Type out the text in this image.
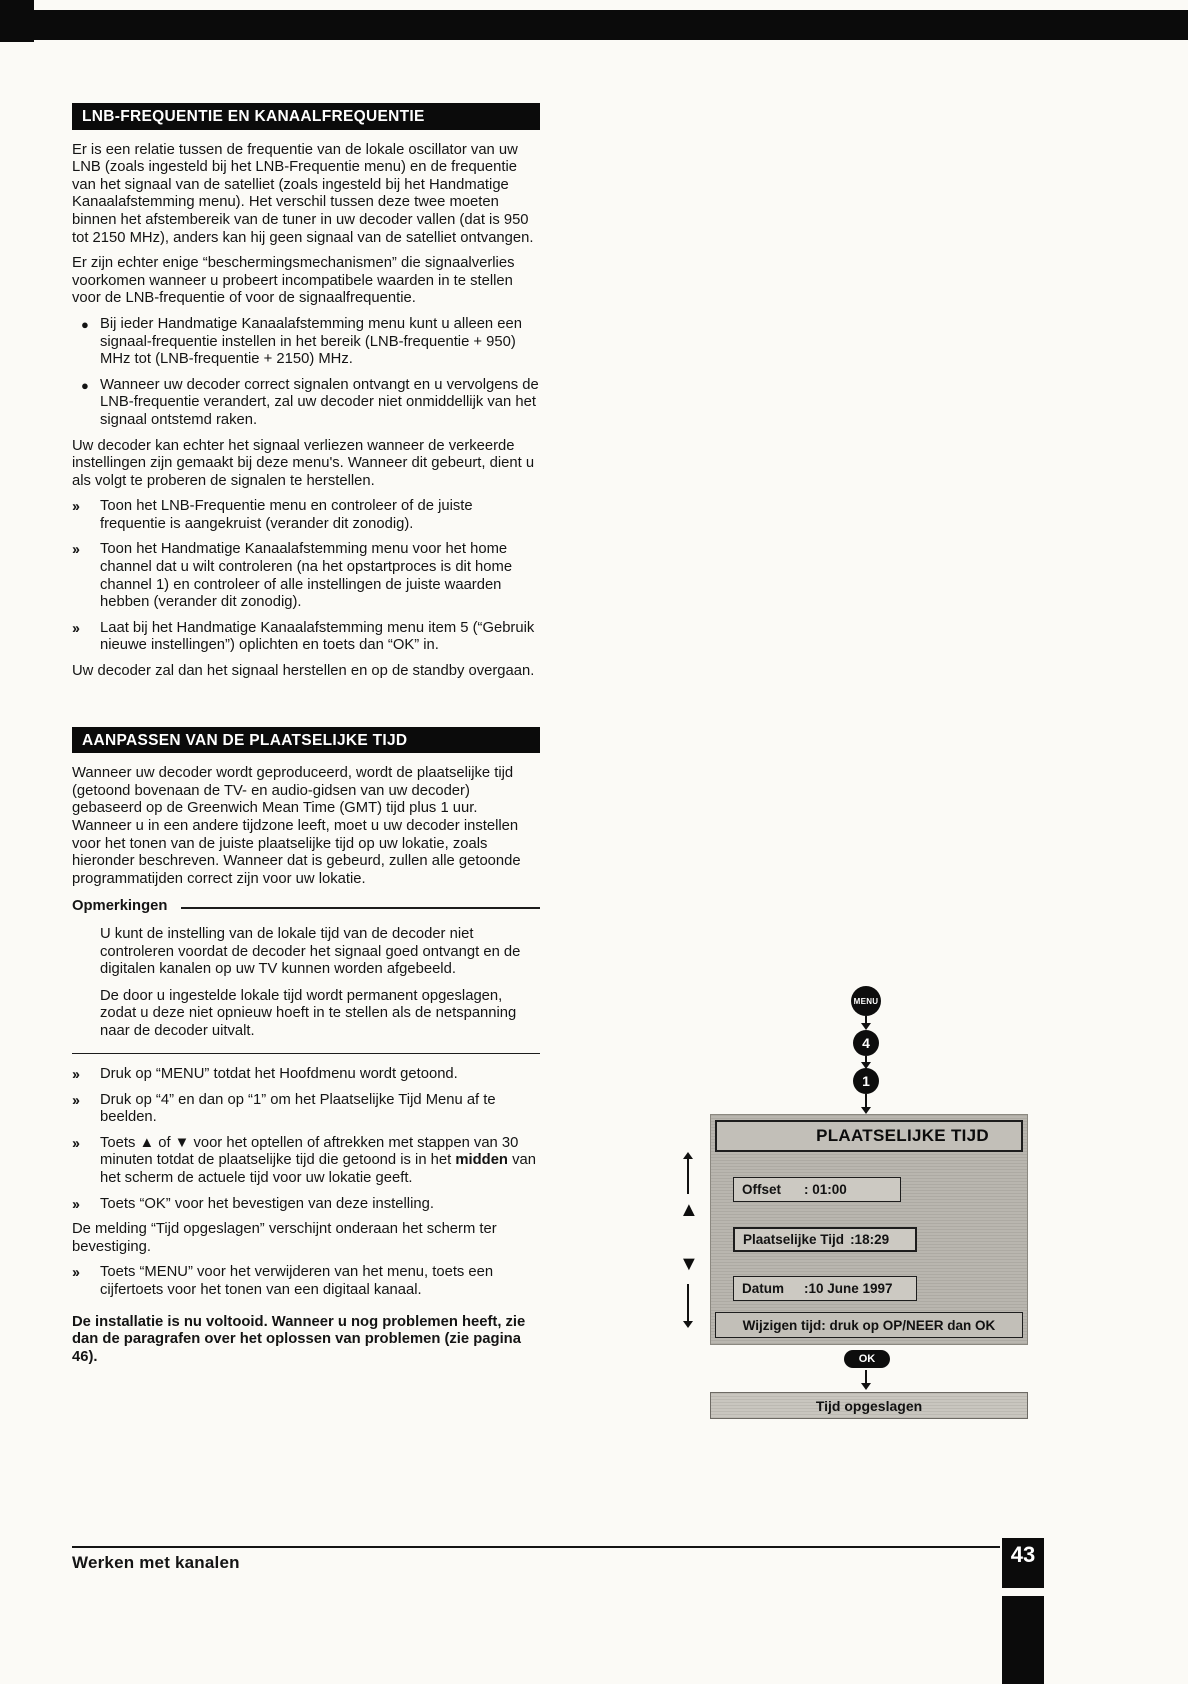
LNB-FREQUENTIE EN KANAALFREQUENTIE

Er is een relatie tussen de frequentie van de lokale oscillator van uw LNB (zoals ingesteld bij het LNB-Frequentie menu) en de frequentie van het signaal van de satelliet (zoals ingesteld bij het Handmatige Kanaalafstemming menu). Het verschil tussen deze twee moeten binnen het afstembereik van de tuner in uw decoder vallen (dat is 950 tot 2150 MHz), anders kan hij geen signaal van de satelliet ontvangen.

Er zijn echter enige “beschermingsmechanismen” die signaalverlies voorkomen wanneer u probeert incompatibele waarden in te stellen voor de LNB-frequentie of voor de signaalfrequentie.

● Bij ieder Handmatige Kanaalafstemming menu kunt u alleen een signaal-frequentie instellen in het bereik (LNB-frequentie + 950) MHz tot (LNB-frequentie + 2150) MHz.
● Wanneer uw decoder correct signalen ontvangt en u vervolgens de LNB-frequentie verandert, zal uw decoder niet onmiddellijk van het signaal ontstemd raken.

Uw decoder kan echter het signaal verliezen wanneer de verkeerde instellingen zijn gemaakt bij deze menu's. Wanneer dit gebeurt, dient u als volgt te proberen de signalen te herstellen.

››	Toon het LNB-Frequentie menu en controleer of de juiste frequentie is aangekruist (verander dit zonodig).
››	Toon het Handmatige Kanaalafstemming menu voor het home channel dat u wilt controleren (na het opstartproces is dit home channel 1) en controleer of alle instellingen de juiste waarden hebben (verander dit zonodig).
››	Laat bij het Handmatige Kanaalafstemming menu item 5 (“Gebruik nieuwe instellingen”) oplichten en toets dan “OK” in.

Uw decoder zal dan het signaal herstellen en op de standby overgaan.

AANPASSEN VAN DE PLAATSELIJKE TIJD

Wanneer uw decoder wordt geproduceerd, wordt de plaatselijke tijd (getoond bovenaan de TV- en audio-gidsen van uw decoder) gebaseerd op de Greenwich Mean Time (GMT) tijd plus 1 uur. Wanneer u in een andere tijdzone leeft, moet u uw decoder instellen voor het tonen van de juiste plaatselijke tijd op uw lokatie, zoals hieronder beschreven. Wanneer dat is gebeurd, zullen alle getoonde programmatijden correct zijn voor uw lokatie.

Opmerkingen

U kunt de instelling van de lokale tijd van de decoder niet controleren voordat de decoder het signaal goed ontvangt en de digitalen kanalen op uw TV kunnen worden afgebeeld.

De door u ingestelde lokale tijd wordt permanent opgeslagen, zodat u deze niet opnieuw hoeft in te stellen als de netspanning naar de decoder uitvalt.

››	Druk op “MENU” totdat het Hoofdmenu wordt getoond.
››	Druk op “4” en dan op “1” om het Plaatselijke Tijd Menu af te beelden.
››	Toets ▲ of ▼ voor het optellen of aftrekken met stappen van 30 minuten totdat de plaatselijke tijd die getoond is in het midden van het scherm de actuele tijd voor uw lokatie geeft.
››	Toets “OK” voor het bevestigen van deze instelling.

De melding “Tijd opgeslagen” verschijnt onderaan het scherm ter bevestiging.

››	Toets “MENU” voor het verwijderen van het menu, toets een cijfertoets voor het tonen van een digitaal kanaal.

De installatie is nu voltooid. Wanneer u nog problemen heeft, zie dan de paragrafen over het oplossen van problemen (zie pagina 46).

MENU
4
1
PLAATSELIJKE TIJD
Offset	: 01:00
Plaatselijke Tijd :18:29
Datum	:10 June 1997
Wijzigen tijd: druk op OP/NEER dan OK
▲
▼
OK
Tijd opgeslagen
Werken met kanalen	43
